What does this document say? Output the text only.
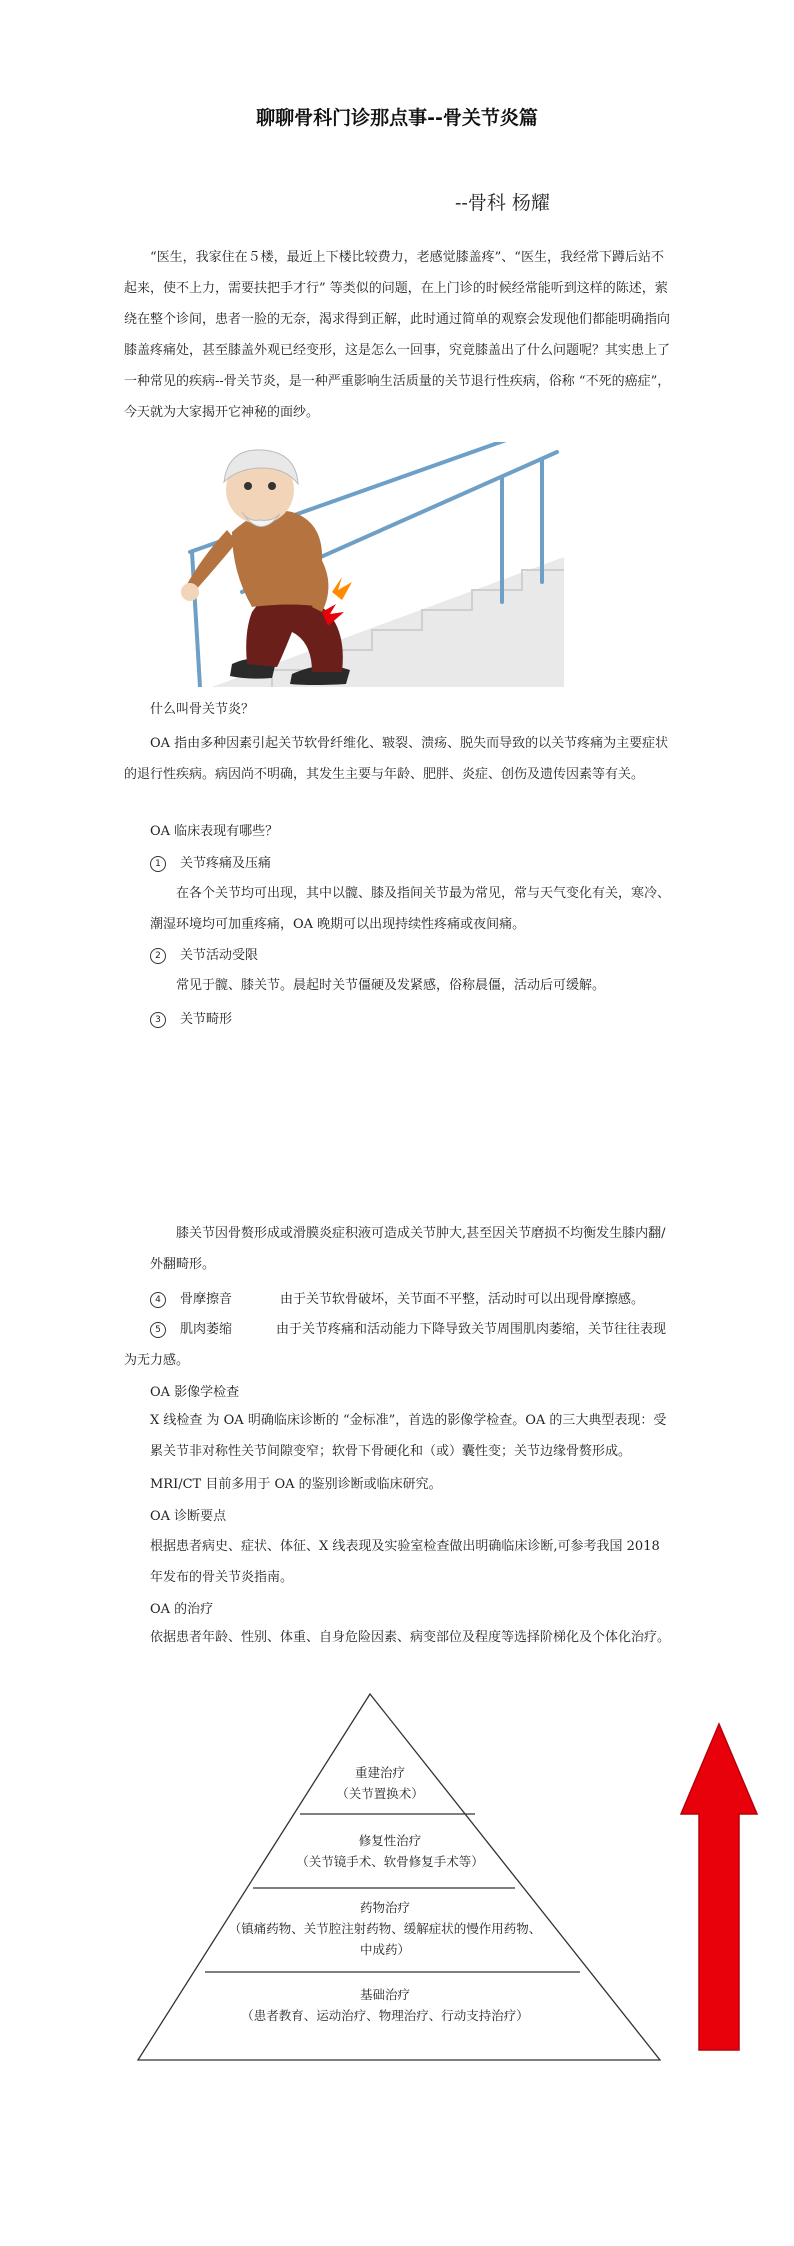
聊聊骨科门诊那点事--骨关节炎篇
--骨科 杨耀
“医生，我家住在５楼，最近上下楼比较费力，老感觉膝盖疼”、“医生，我经常下蹲后站不起来，使不上力，需要扶把手才行” 等类似的问题，在上门诊的时候经常能听到这样的陈述，萦绕在整个诊间，患者一脸的无奈，渴求得到正解，此时通过简单的观察会发现他们都能明确指向膝盖疼痛处，甚至膝盖外观已经变形，这是怎么一回事，究竟膝盖出了什么问题呢？其实患上了一种常见的疾病--骨关节炎，是一种严重影响生活质量的关节退行性疾病，俗称 “不死的癌症”，今天就为大家揭开它神秘的面纱。
什么叫骨关节炎？
OA 指由多种因素引起关节软骨纤维化、皲裂、溃疡、脱失而导致的以关节疼痛为主要症状的退行性疾病。病因尚不明确，其发生主要与年龄、肥胖、炎症、创伤及遗传因素等有关。
OA 临床表现有哪些？
1 关节疼痛及压痛
在各个关节均可出现，其中以髋、膝及指间关节最为常见，常与天气变化有关，寒冷、潮湿环境均可加重疼痛，OA 晚期可以出现持续性疼痛或夜间痛。
2 关节活动受限
常见于髋、膝关节。晨起时关节僵硬及发紧感，俗称晨僵，活动后可缓解。
3 关节畸形
膝关节因骨赘形成或滑膜炎症积液可造成关节肿大,甚至因关节磨损不均衡发生膝内翻/外翻畸形。
4 骨摩擦音	由于关节软骨破坏，关节面不平整，活动时可以出现骨摩擦感。
5 肌肉萎缩	由于关节疼痛和活动能力下降导致关节周围肌肉萎缩，关节往往表现为无力感。
OA 影像学检查
X 线检查 为 OA 明确临床诊断的 “金标准”，首选的影像学检查。OA 的三大典型表现：受累关节非对称性关节间隙变窄；软骨下骨硬化和（或）囊性变；关节边缘骨赘形成。
MRI/CT 目前多用于 OA 的鉴别诊断或临床研究。
OA 诊断要点
根据患者病史、症状、体征、X 线表现及实验室检查做出明确临床诊断,可参考我国 2018 年发布的骨关节炎指南。
OA 的治疗
依据患者年龄、性别、体重、自身危险因素、病变部位及程度等选择阶梯化及个体化治疗。
重建治疗
（关节置换术）
修复性治疗
（关节镜手术、软骨修复手术等）
药物治疗
（镇痛药物、关节腔注射药物、缓解症状的慢作用药物、中成药）
基础治疗
（患者教育、运动治疗、物理治疗、行动支持治疗）
